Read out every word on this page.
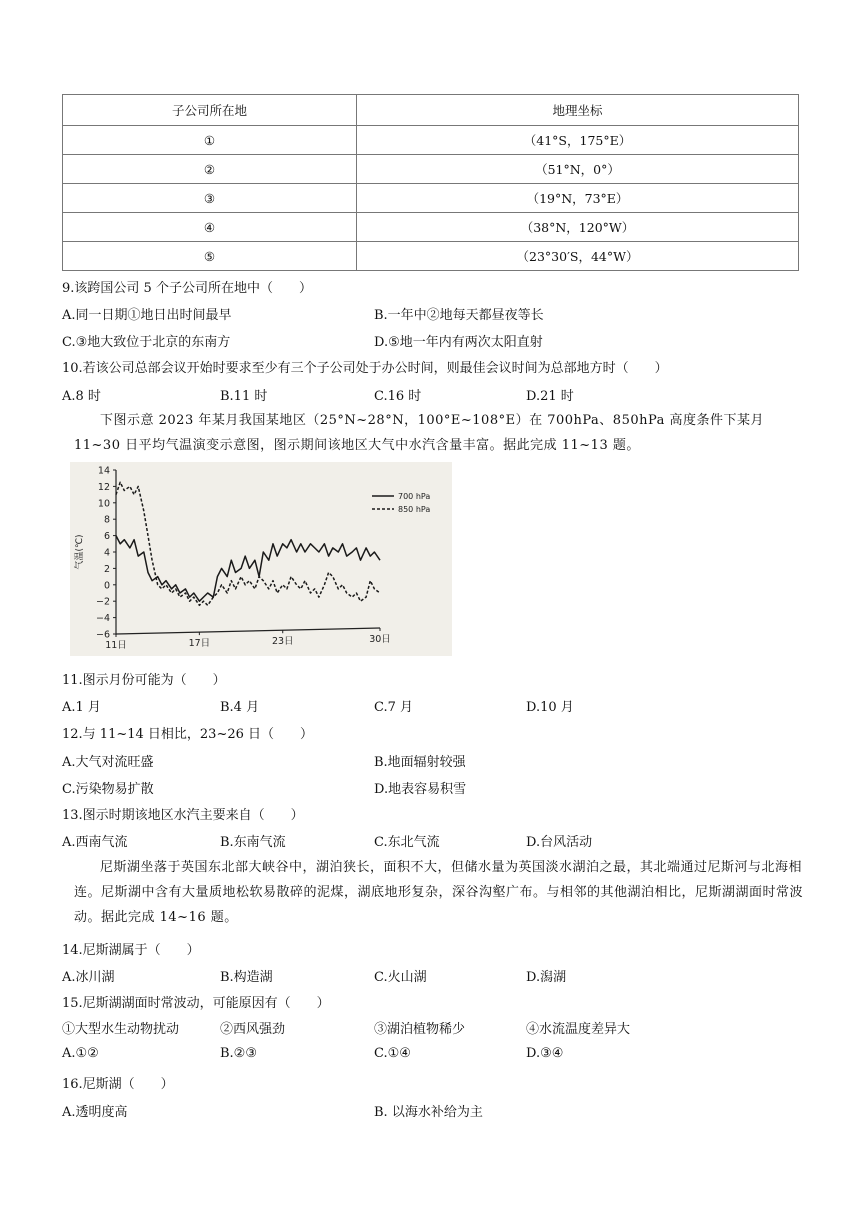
子公司所在地	地理坐标
①	（41°S，175°E）
②	（51°N，0°）
③	（19°N，73°E）
④	（38°N，120°W）
⑤	（23°30′S，44°W）
9.该跨国公司 5 个子公司所在地中（　　）
A.同一日期①地日出时间最早	B.一年中②地每天都昼夜等长
C.③地大致位于北京的东南方	D.⑤地一年内有两次太阳直射
10.若该公司总部会议开始时要求至少有三个子公司处于办公时间，则最佳会议时间为总部地方时（　　）
A.8 时	B.11 时	C.16 时	D.21 时
下图示意 2023 年某月我国某地区（25°N~28°N，100°E~108°E）在 700hPa、850hPa 高度条件下某月 11~30 日平均气温演变示意图，图示期间该地区大气中水汽含量丰富。据此完成 11~13 题。
14
12
10
8
6
4
2
0
−2
−4
−6
气温(℃)
11日	17日	23日	30日
700 hPa
850 hPa
11.图示月份可能为（　　）
A.1 月	B.4 月	C.7 月	D.10 月
12.与 11~14 日相比，23~26 日（　　）
A.大气对流旺盛	B.地面辐射较强
C.污染物易扩散	D.地表容易积雪
13.图示时期该地区水汽主要来自（　　）
A.西南气流	B.东南气流	C.东北气流	D.台风活动
尼斯湖坐落于英国东北部大峡谷中，湖泊狭长，面积不大，但储水量为英国淡水湖泊之最，其北端通过尼斯河与北海相连。尼斯湖中含有大量质地松软易散碎的泥煤，湖底地形复杂，深谷沟壑广布。与相邻的其他湖泊相比，尼斯湖湖面时常波动。据此完成 14~16 题。
14.尼斯湖属于（　　）
A.冰川湖	B.构造湖	C.火山湖	D.潟湖
15.尼斯湖湖面时常波动，可能原因有（　　）
①大型水生动物扰动	②西风强劲	③湖泊植物稀少	④水流温度差异大
A.①②	B.②③	C.①④	D.③④
16.尼斯湖（　　）
A.透明度高	B. 以海水补给为主
